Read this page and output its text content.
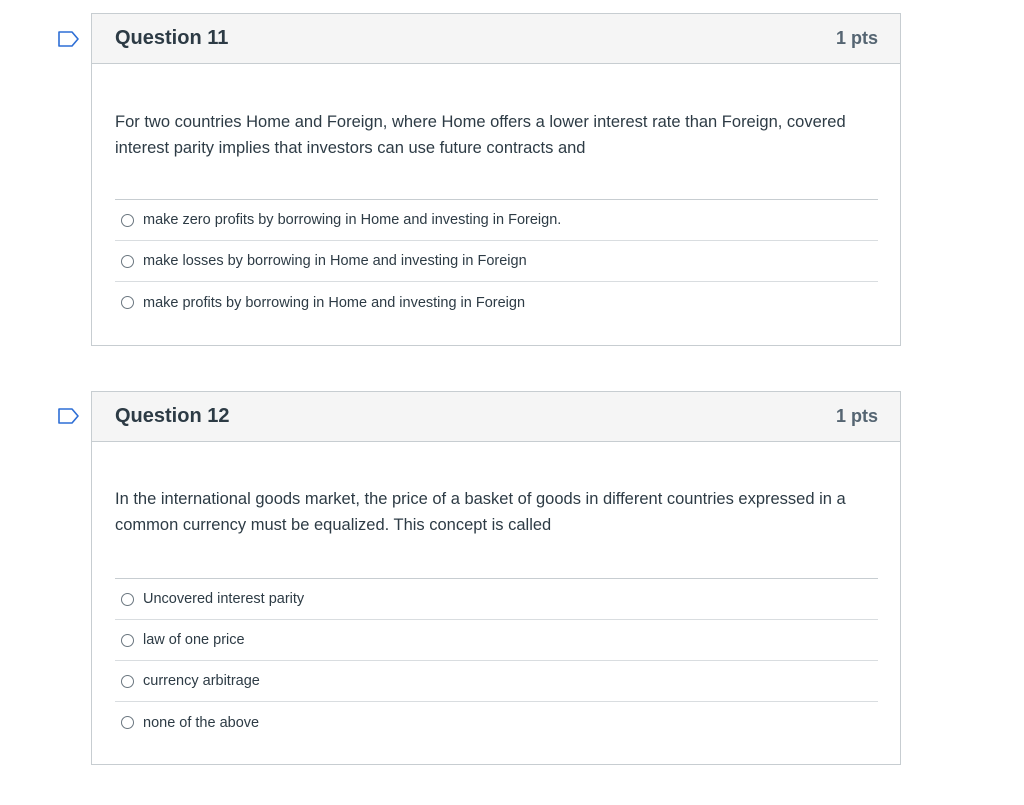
Question 11	1 pts

For two countries Home and Foreign, where Home offers a lower interest rate than Foreign, covered interest parity implies that investors can use future contracts and

make zero profits by borrowing in Home and investing in Foreign.
make losses by borrowing in Home and investing in Foreign
make profits by borrowing in Home and investing in Foreign
Question 12	1 pts

In the international goods market, the price of a basket of goods in different countries expressed in a common currency must be equalized. This concept is called

Uncovered interest parity
law of one price
currency arbitrage
none of the above
